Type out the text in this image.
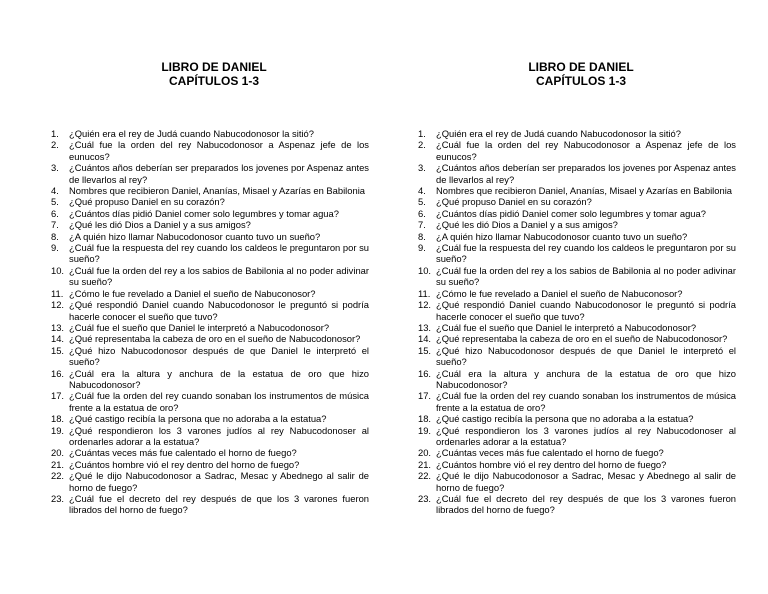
LIBRO DE DANIEL
CAPÍTULOS 1-3
1.	¿Quién era el rey de Judá cuando Nabucodonosor la sitió?
2.	¿Cuál fue la orden del rey Nabucodonosor a Aspenaz jefe de los eunucos?
3.	¿Cuántos años deberían ser preparados los jovenes por Aspenaz antes de llevarlos al rey?
4.	Nombres que recibieron Daniel, Ananías, Misael y Azarías en Babilonia
5.	¿Qué propuso Daniel en su corazón?
6.	¿Cuántos días pidió Daniel comer solo legumbres y tomar agua?
7.	¿Qué les dió Dios a Daniel y a sus amigos?
8.	¿A quién hizo llamar Nabucodonosor cuanto tuvo un sueño?
9.	¿Cuál fue la respuesta del rey cuando los caldeos le preguntaron por su sueño?
10. ¿Cuál fue la orden del rey a los sabios de Babilonia al no poder adivinar su sueño?
11. ¿Cómo le fue revelado a Daniel el sueño de Nabuconosor?
12. ¿Qué respondió Daniel cuando Nabucodonosor le preguntó si podría hacerle conocer el sueño que tuvo?
13. ¿Cuál fue el sueño que Daniel le interpretó a Nabucodonosor?
14. ¿Qué representaba la cabeza de oro en el sueño de Nabucodonosor?
15. ¿Qué hizo Nabucodonosor después de que Daniel le interpretó el sueño?
16. ¿Cuál era la altura y anchura de la estatua de oro que hizo Nabucodonosor?
17. ¿Cuál fue la orden del rey cuando sonaban los instrumentos de música frente a la estatua de oro?
18. ¿Qué castigo recibía la persona que no adoraba a la estatua?
19. ¿Qué respondieron los 3 varones judíos al rey Nabucodonoser al ordenarles adorar a la estatua?
20. ¿Cuántas veces más fue calentado el horno de fuego?
21. ¿Cuántos hombre vió el rey dentro del horno de fuego?
22. ¿Qué le dijo Nabucodonosor a Sadrac, Mesac y Abednego al salir de horno de fuego?
23. ¿Cuál fue el decreto del rey después de que los 3 varones fueron librados del horno de fuego?
LIBRO DE DANIEL
CAPÍTULOS 1-3
1.	¿Quién era el rey de Judá cuando Nabucodonosor la sitió?
2.	¿Cuál fue la orden del rey Nabucodonosor a Aspenaz jefe de los eunucos?
3.	¿Cuántos años deberían ser preparados los jovenes por Aspenaz antes de llevarlos al rey?
4.	Nombres que recibieron Daniel, Ananías, Misael y Azarías en Babilonia
5.	¿Qué propuso Daniel en su corazón?
6.	¿Cuántos días pidió Daniel comer solo legumbres y tomar agua?
7.	¿Qué les dió Dios a Daniel y a sus amigos?
8.	¿A quién hizo llamar Nabucodonosor cuanto tuvo un sueño?
9.	¿Cuál fue la respuesta del rey cuando los caldeos le preguntaron por su sueño?
10. ¿Cuál fue la orden del rey a los sabios de Babilonia al no poder adivinar su sueño?
11. ¿Cómo le fue revelado a Daniel el sueño de Nabuconosor?
12. ¿Qué respondió Daniel cuando Nabucodonosor le preguntó si podría hacerle conocer el sueño que tuvo?
13. ¿Cuál fue el sueño que Daniel le interpretó a Nabucodonosor?
14. ¿Qué representaba la cabeza de oro en el sueño de Nabucodonosor?
15. ¿Qué hizo Nabucodonosor después de que Daniel le interpretó el sueño?
16. ¿Cuál era la altura y anchura de la estatua de oro que hizo Nabucodonosor?
17. ¿Cuál fue la orden del rey cuando sonaban los instrumentos de música frente a la estatua de oro?
18. ¿Qué castigo recibía la persona que no adoraba a la estatua?
19. ¿Qué respondieron los 3 varones judíos al rey Nabucodonoser al ordenarles adorar a la estatua?
20. ¿Cuántas veces más fue calentado el horno de fuego?
21. ¿Cuántos hombre vió el rey dentro del horno de fuego?
22. ¿Qué le dijo Nabucodonosor a Sadrac, Mesac y Abednego al salir de horno de fuego?
23. ¿Cuál fue el decreto del rey después de que los 3 varones fueron librados del horno de fuego?
